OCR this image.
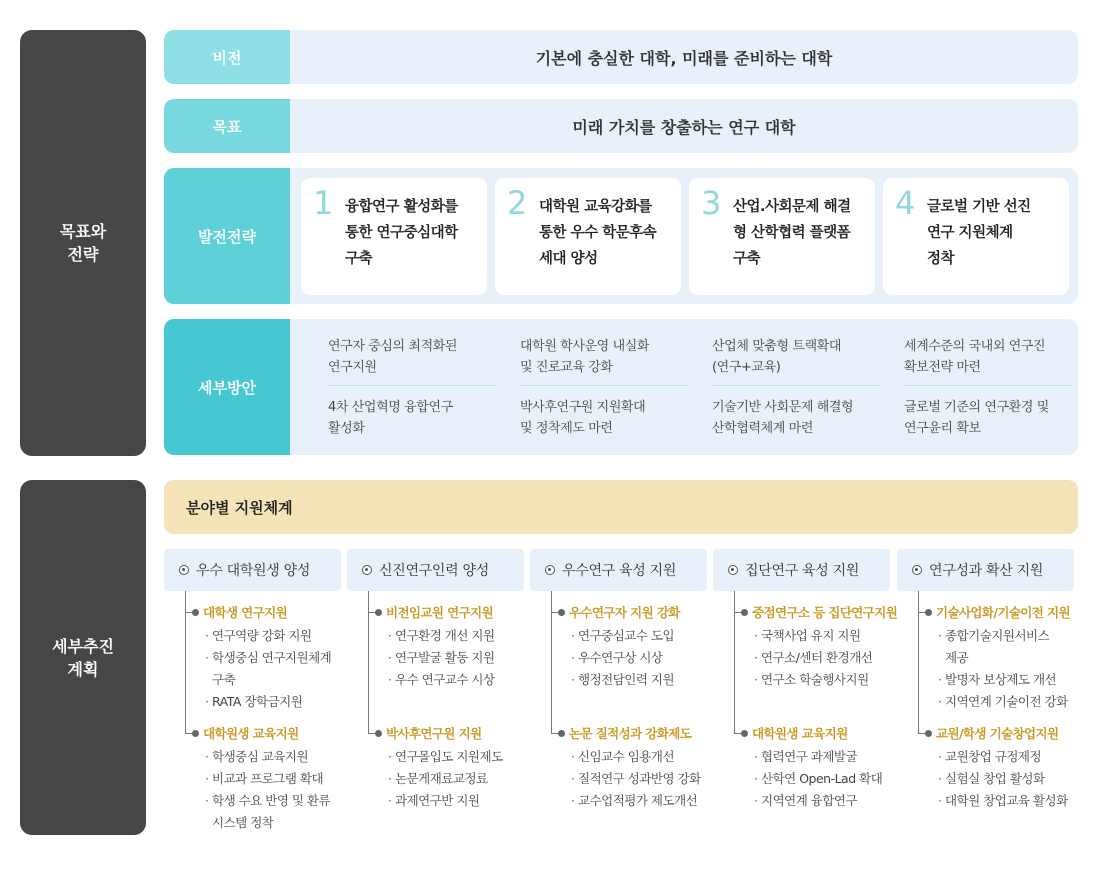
목표와
전략
세부추진
계획
비전	기본에 충실한 대학, 미래를 준비하는 대학
목표	미래 가치를 창출하는 연구 대학
발전전략
1 융합연구 활성화를
통한 연구중심대학
구축
2 대학원 교육강화를
통한 우수 학문후속
세대 양성
3 산업.사회문제 해결
형 산학협력 플랫폼
구축
4 글로벌 기반 선진
연구 지원체계
정착
세부방안
연구자 중심의 최적화된
연구지원
4차 산업혁명 융합연구
활성화
대학원 학사운영 내실화
및 진로교육 강화
박사후연구원 지원확대
및 정착제도 마련
산업체 맞춤형 트랙확대
(연구+교육)
기술기반 사회문제 해결형
산학협력체계 마련
세계수준의 국내외 연구진
확보전략 마련
글로벌 기준의 연구환경 및
연구윤리 확보
분야별 지원체계
우수 대학원생 양성
대학생 연구지원
· 연구역량 강화 지원
· 학생중심 연구지원체계
구축
· RATA 장학금지원
대학원생 교육지원
· 학생중심 교육지원
· 비교과 프로그램 확대
· 학생 수요 반영 및 환류
시스템 정착
신진연구인력 양성
비전임교원 연구지원
· 연구환경 개선 지원
· 연구발굴 활동 지원
· 우수 연구교수 시상
박사후연구원 지원
· 연구몰입도 지원제도
· 논문게재료교정료
· 과제연구반 지원
우수연구 육성 지원
우수연구자 지원 강화
· 연구중심교수 도입
· 우수연구상 시상
· 행정전담인력 지원
논문 질적성과 강화제도
· 신임교수 임용개선
· 질적연구 성과반영 강화
· 교수업적평가 제도개선
집단연구 육성 지원
중점연구소 등 집단연구지원
· 국책사업 유지 지원
· 연구소/센터 환경개선
· 연구소 학술행사지원
대학원생 교육지원
· 협력연구 과제발굴
· 산학연 Open-Lad 확대
· 지역연계 융합연구
연구성과 확산 지원
기술사업화/기술이전 지원
· 종합기술지원서비스
제공
· 발명자 보상제도 개선
· 지역연계 기술이전 강화
교원/학생 기술창업지원
· 교원창업 규정제정
· 실험실 창업 활성화
· 대학원 창업교육 활성화
